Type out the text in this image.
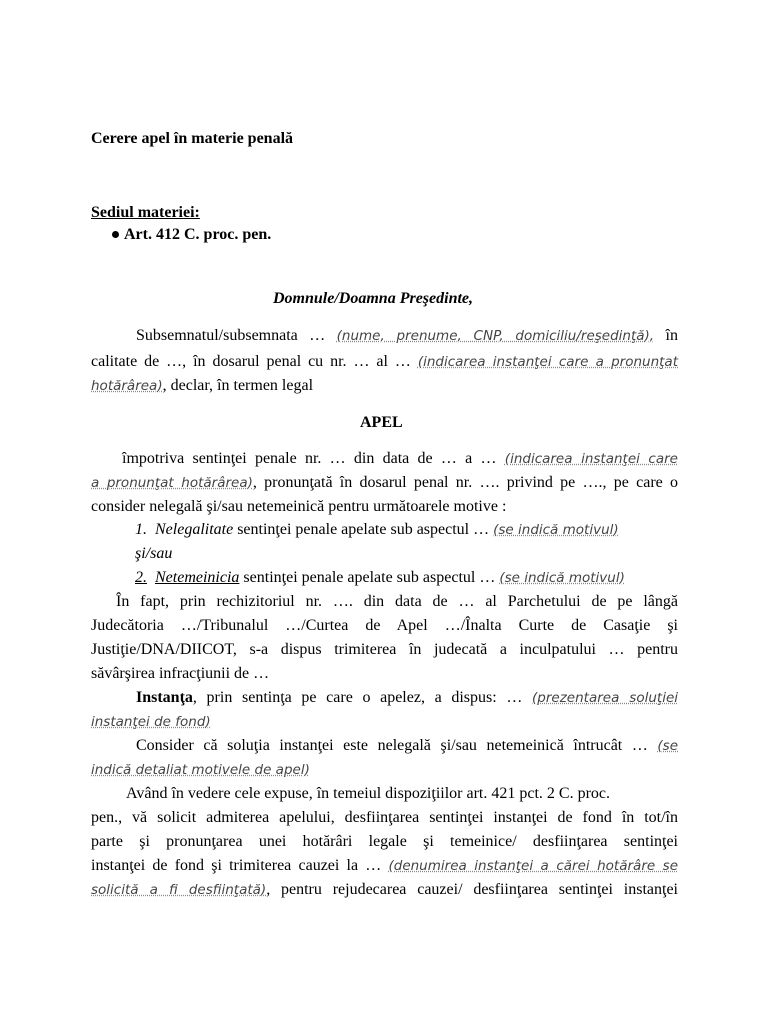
Cerere apel în materie penală
Sediul materiei:
Art. 412 C. proc. pen.
Domnule/Doamna Preşedinte,
Subsemnatul/subsemnata … (nume, prenume, CNP, domiciliu/reşedinţă), în
calitate de …, în dosarul penal cu nr. … al … (indicarea instanţei care a pronunţat
hotărârea), declar, în termen legal
APEL
împotriva sentinţei penale nr. … din data de … a … (indicarea instanţei care
a pronunţat hotărârea), pronunţată în dosarul penal nr. …. privind pe …., pe care o
consider nelegală şi/sau netemeinică pentru următoarele motive :
1. Nelegalitate sentinţei penale apelate sub aspectul … (se indică motivul)
şi/sau
2. Netemeinicia sentinţei penale apelate sub aspectul … (se indică motivul)
În fapt, prin rechizitoriul nr. …. din data de … al Parchetului de pe lângă
Judecătoria …/Tribunalul …/Curtea de Apel …/Înalta Curte de Casaţie şi
Justiţie/DNA/DIICOT, s-a dispus trimiterea în judecată a inculpatului … pentru
săvârşirea infracţiunii de …
Instanţa, prin sentinţa pe care o apelez, a dispus: … (prezentarea soluţiei
instanţei de fond)
Consider că soluţia instanţei este nelegală şi/sau netemeinică întrucât … (se
indică detaliat motivele de apel)
Având în vedere cele expuse, în temeiul dispoziţiilor art. 421 pct. 2 C. proc.
pen., vă solicit admiterea apelului, desfiinţarea sentinţei instanţei de fond în tot/în
parte şi pronunţarea unei hotărâri legale şi temeinice/ desfiinţarea sentinţei
instanţei de fond şi trimiterea cauzei la … (denumirea instanţei a cărei hotărâre se
solicită a fi desfiinţată), pentru rejudecarea cauzei/ desfiinţarea sentinţei instanţei
